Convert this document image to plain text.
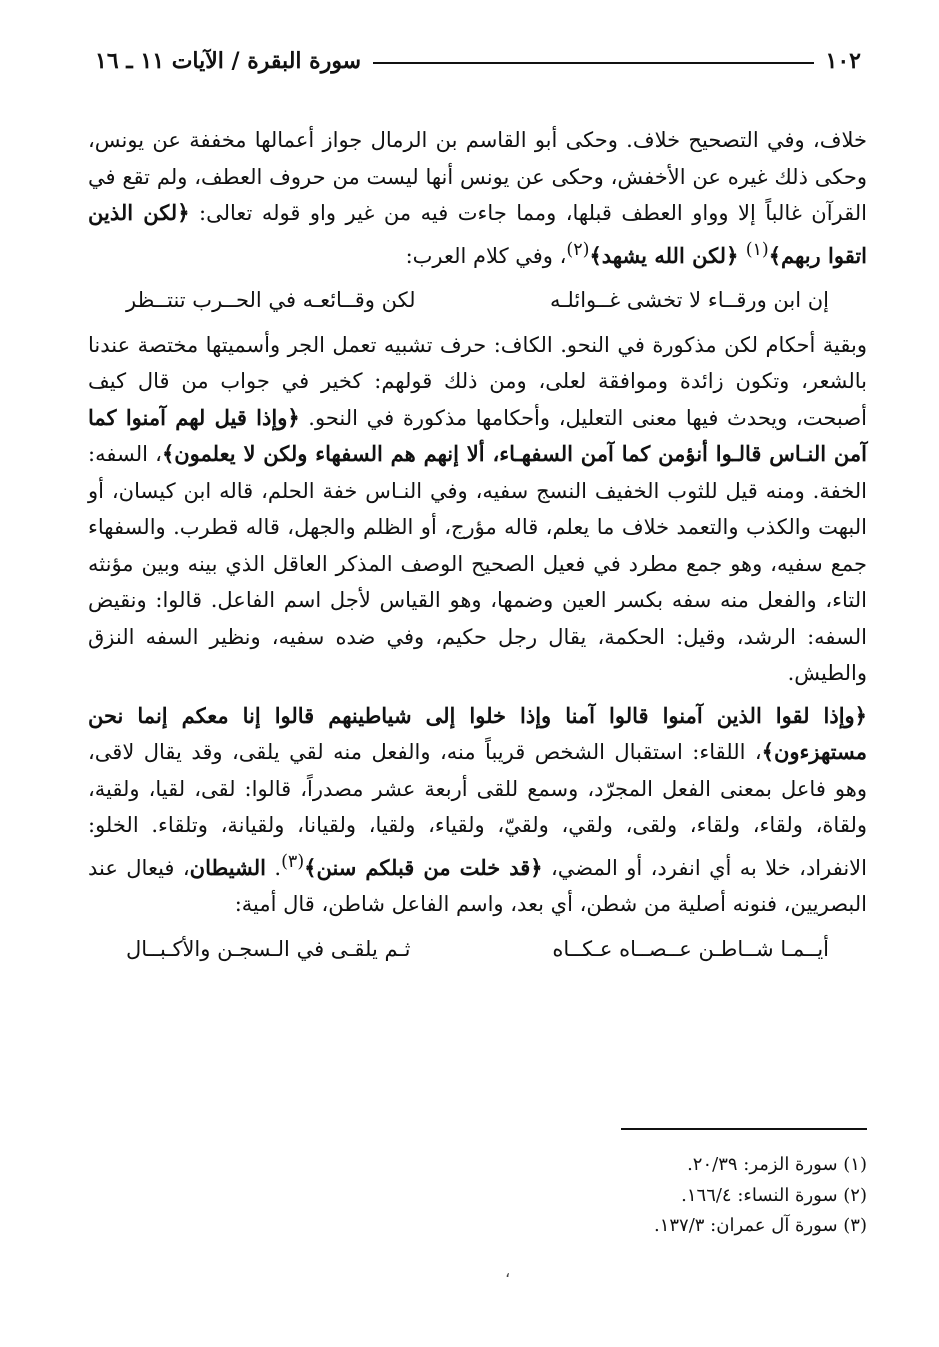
١٠٢
سورة البقرة / الآيات ١١ ـ ١٦

خلاف، وفي التصحيح خلاف. وحكى أبو القاسم بن الرمال جواز أعمالها مخففة عن يونس، وحكى ذلك غيره عن الأخفش، وحكى عن يونس أنها ليست من حروف العطف، ولم تقع في القرآن غالباً إلا وواو العطف قبلها، ومما جاءت فيه من غير واو قوله تعالى: ﴿لكن الذين اتقوا ربهم﴾$^{(١)}$ ﴿لكن الله يشهد﴾$^{(٢)}$، وفي كلام العرب:

إن ابن ورقــاء لا تخشى غــوائلـه
لكن وقــائعـه في الحــرب تنتــظر

وبقية أحكام لكن مذكورة في النحو. الكاف: حرف تشبيه تعمل الجر وأسميتها مختصة عندنا بالشعر، وتكون زائدة وموافقة لعلى، ومن ذلك قولهم: كخير في جواب من قال كيف أصبحت، ويحدث فيها معنى التعليل، وأحكامها مذكورة في النحو. ﴿وإذا قيل لهم آمنوا كما آمن النـاس قالـوا أنؤمن كما آمن السفهـاء، ألا إنهم هم السفهاء ولكن لا يعلمون﴾، السفه: الخفة. ومنه قيل للثوب الخفيف النسج سفيه، وفي النـاس خفة الحلم، قاله ابن كيسان، أو البهت والكذب والتعمد خلاف ما يعلم، قاله مؤرج، أو الظلم والجهل، قاله قطرب. والسفهاء جمع سفيه، وهو جمع مطرد في فعيل الصحيح الوصف المذكر العاقل الذي بينه وبين مؤنثه التاء، والفعل منه سفه بكسر العين وضمها، وهو القياس لأجل اسم الفاعل. قالوا: ونقيض السفه: الرشد، وقيل: الحكمة، يقال رجل حكيم، وفي ضده سفيه، ونظير السفه النزق والطيش.

﴿وإذا لقوا الذين آمنوا قالوا آمنا وإذا خلوا إلى شياطينهم قالوا إنا معكم إنما نحن مستهزءون﴾، اللقاء: استقبال الشخص قريباً منه، والفعل منه لقي يلقى، وقد يقال لاقى، وهو فاعل بمعنى الفعل المجرّد، وسمع للقى أربعة عشر مصدراً، قالوا: لقى، لقيا، ولقية، ولقاة، ولقاء، ولقاء، ولقى، ولقي، ولقيّ، ولقياء، ولقيا، ولقيانا، ولقيانة، وتلقاء. الخلو: الانفراد، خلا به أي انفرد، أو المضي، ﴿قد خلت من قبلكم سنن﴾$^{(٣)}$. الشيطان، فيعال عند البصريين، فنونه أصلية من شطن، أي بعد، واسم الفاعل شاطن، قال أمية:

أيــمـا شــاطـن عــصــاه عـكــاه
ثـم يلقـى في الـسجـن والأكـبــال
(١) سورة الزمر: ٢٠/٣٩.
(٢) سورة النساء: ١٦٦/٤.
(٣) سورة آل عمران: ١٣٧/٣.
،
